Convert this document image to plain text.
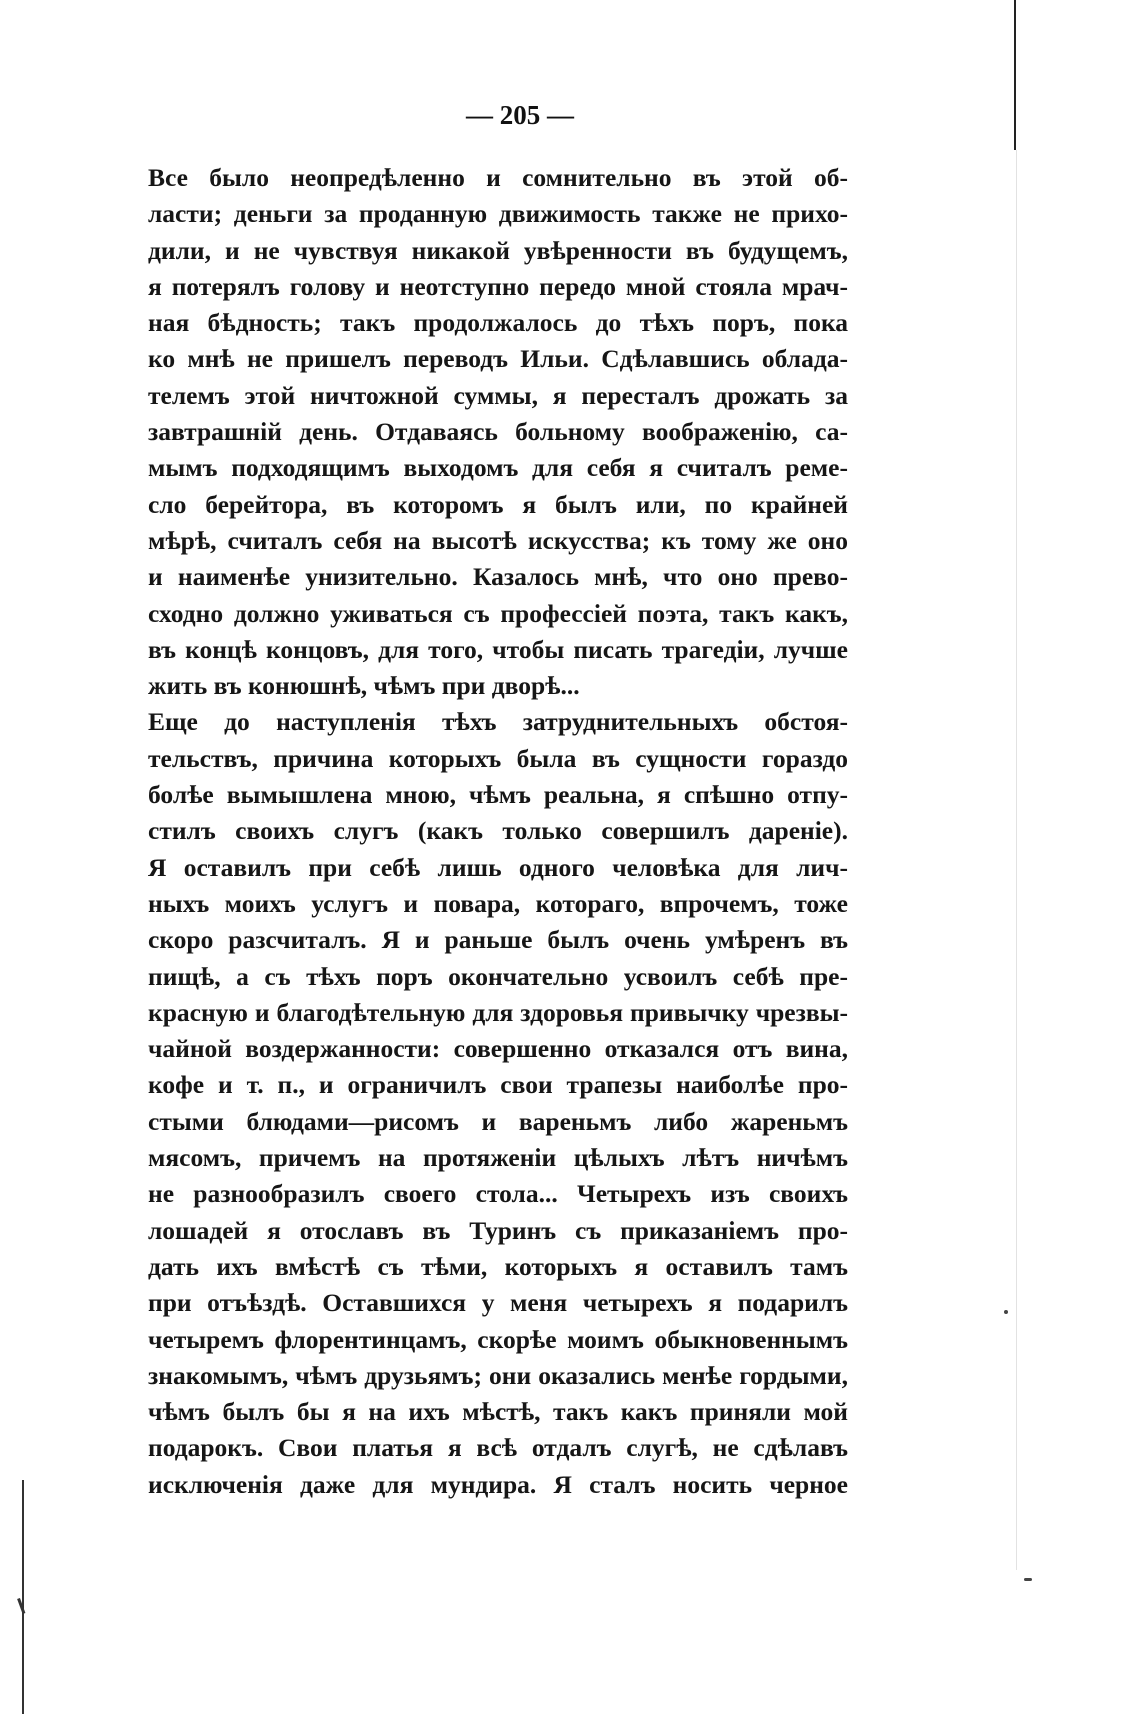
— 205 —
Все было неопредѣленно и сомнительно въ этой об-
ласти; деньги за проданную движимость также не прихо-
дили, и не чувствуя никакой увѣренности въ будущемъ,
я потерялъ голову и неотступно передо мной стояла мрач-
ная бѣдность; такъ продолжалось до тѣхъ поръ, пока
ко мнѣ не пришелъ переводъ Ильи. Сдѣлавшись облада-
телемъ этой ничтожной суммы, я пересталъ дрожать за
завтрашній день. Отдаваясь больному воображенію, са-
мымъ подходящимъ выходомъ для себя я считалъ реме-
сло берейтора, въ которомъ я былъ или, по крайней
мѣрѣ, считалъ себя на высотѣ искусства; къ тому же оно
и наименѣе унизительно. Казалось мнѣ, что оно прево-
сходно должно уживаться съ профессіей поэта, такъ какъ,
въ концѣ концовъ, для того, чтобы писать трагедіи, лучше
жить въ конюшнѣ, чѣмъ при дворѣ...
Еще до наступленія тѣхъ затруднительныхъ обстоя-
тельствъ, причина которыхъ была въ сущности гораздо
болѣе вымышлена мною, чѣмъ реальна, я спѣшно отпу-
стилъ своихъ слугъ (какъ только совершилъ дареніе).
Я оставилъ при себѣ лишь одного человѣка для лич-
ныхъ моихъ услугъ и повара, котораго, впрочемъ, тоже
скоро разсчиталъ. Я и раньше былъ очень умѣренъ въ
пищѣ, а съ тѣхъ поръ окончательно усвоилъ себѣ пре-
красную и благодѣтельную для здоровья привычку чрезвы-
чайной воздержанности: совершенно отказался отъ вина,
кофе и т. п., и ограничилъ свои трапезы наиболѣе про-
стыми блюдами—рисомъ и вареньмъ либо жареньмъ
мясомъ, причемъ на протяженіи цѣлыхъ лѣтъ ничѣмъ
не разнообразилъ своего стола... Четырехъ изъ своихъ
лошадей я отославъ въ Туринъ съ приказаніемъ про-
дать ихъ вмѣстѣ съ тѣми, которыхъ я оставилъ тамъ
при отъѣздѣ. Оставшихся у меня четырехъ я подарилъ
четыремъ флорентинцамъ, скорѣе моимъ обыкновеннымъ
знакомымъ, чѣмъ друзьямъ; они оказались менѣе гордыми,
чѣмъ былъ бы я на ихъ мѣстѣ, такъ какъ приняли мой
подарокъ. Свои платья я всѣ отдалъ слугѣ, не сдѣлавъ
исключенія даже для мундира. Я сталъ носить черное
